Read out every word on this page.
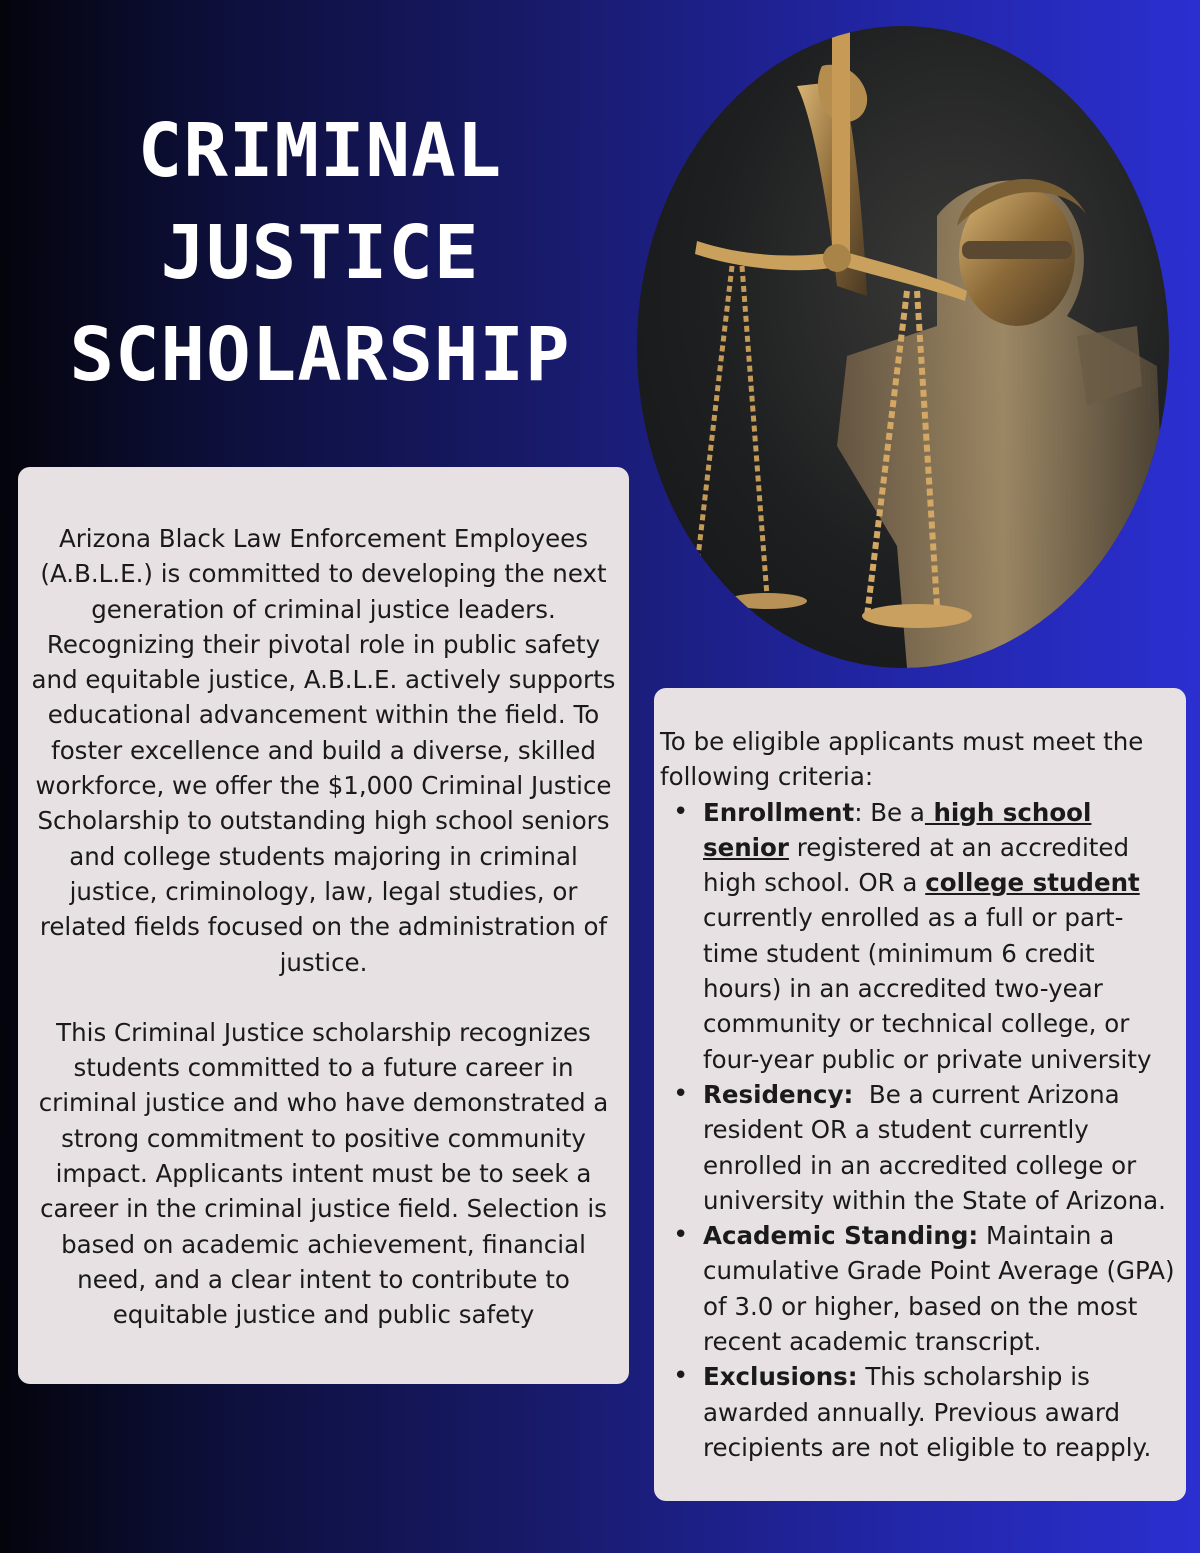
CRIMINAL
JUSTICE
SCHOLARSHIP

Arizona Black Law Enforcement Employees (A.B.L.E.) is committed to developing the next generation of criminal justice leaders. Recognizing their pivotal role in public safety and equitable justice, A.B.L.E. actively supports educational advancement within the field. To foster excellence and build a diverse, skilled workforce, we offer the $1,000 Criminal Justice Scholarship to outstanding high school seniors and college students majoring in criminal justice, criminology, law, legal studies, or related fields focused on the administration of justice.

This Criminal Justice scholarship recognizes students committed to a future career in criminal justice and who have demonstrated a strong commitment to positive community impact. Applicants intent must be to seek a career in the criminal justice field. Selection is based on academic achievement, financial need, and a clear intent to contribute to equitable justice and public safety

To be eligible applicants must meet the following criteria:

• Enrollment: Be a high school senior registered at an accredited high school. OR a college student currently enrolled as a full or part-time student (minimum 6 credit hours) in an accredited two-year community or technical college, or four-year public or private university
• Residency:  Be a current Arizona resident OR a student currently enrolled in an accredited college or university within the State of Arizona.
• Academic Standing: Maintain a cumulative Grade Point Average (GPA) of 3.0 or higher, based on the most recent academic transcript.
• Exclusions: This scholarship is awarded annually. Previous award recipients are not eligible to reapply.
